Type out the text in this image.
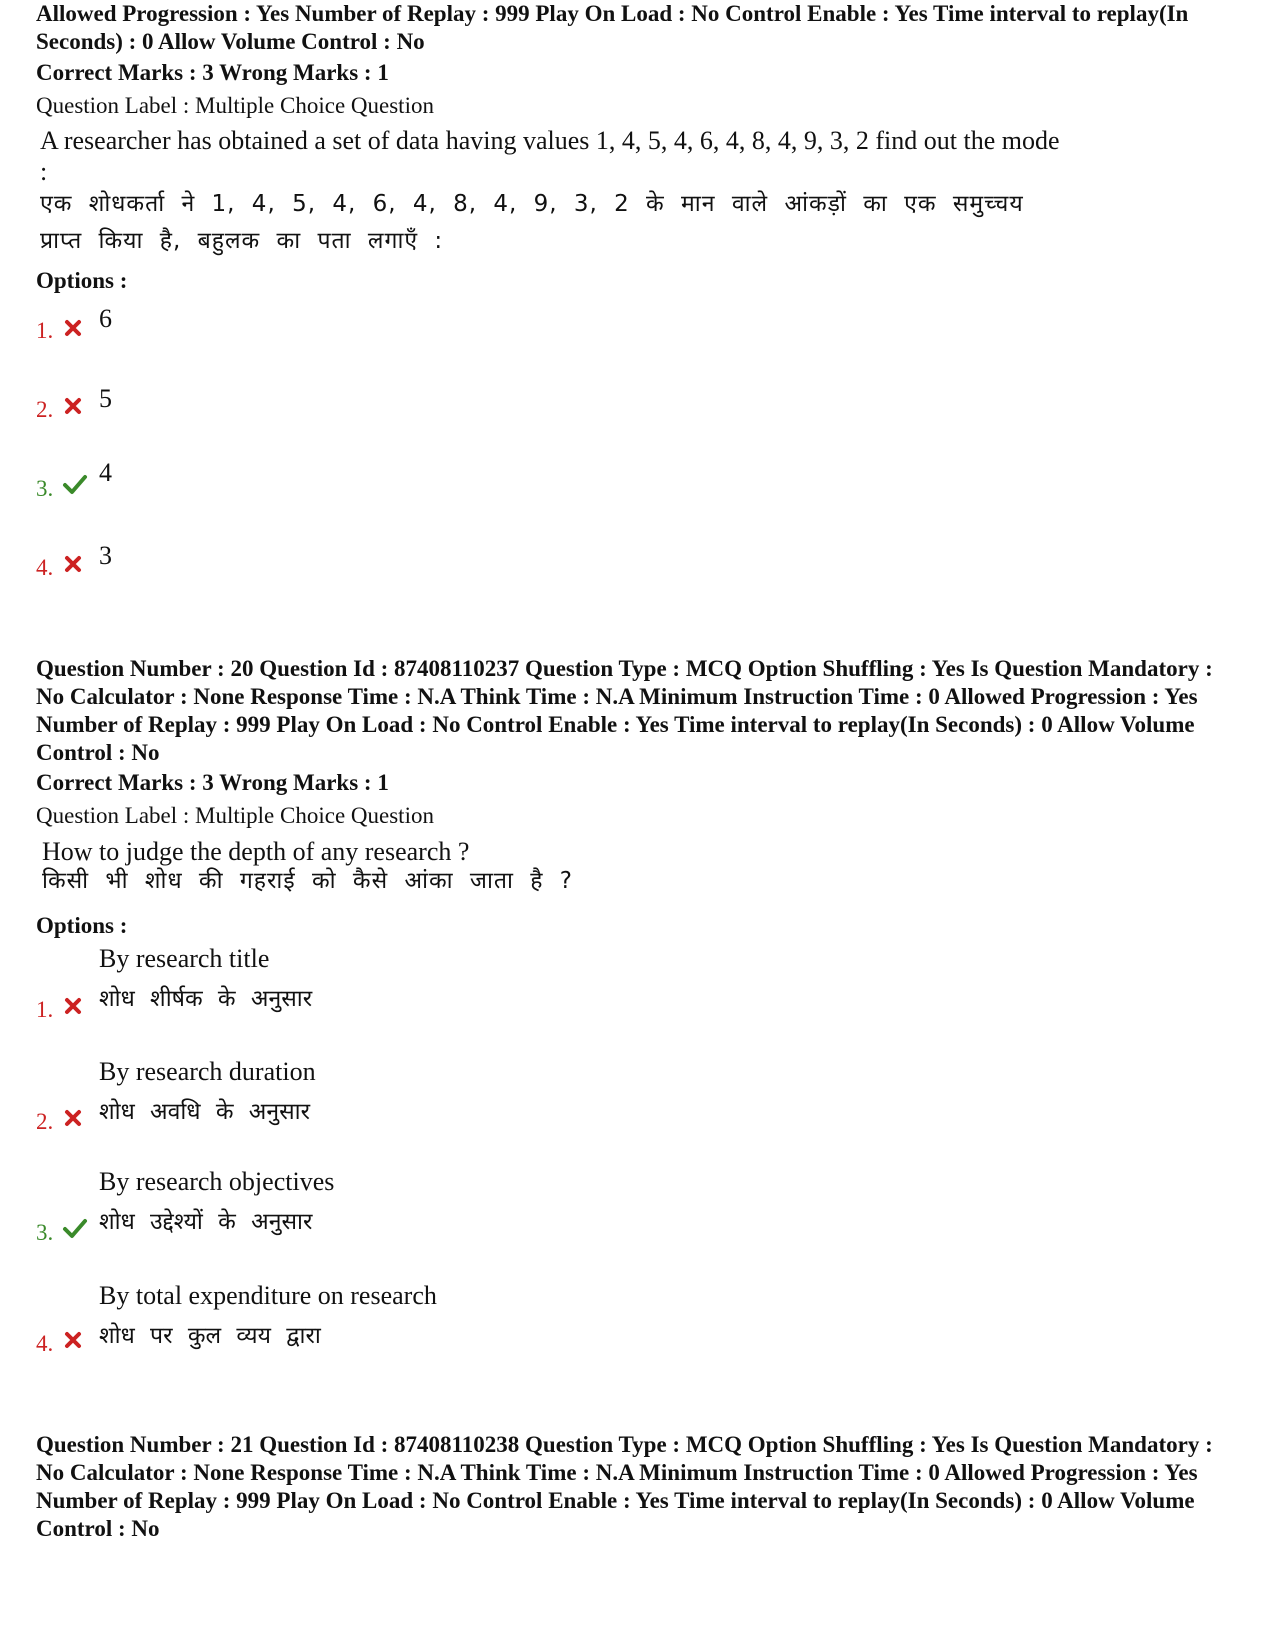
Allowed Progression : Yes Number of Replay : 999 Play On Load : No Control Enable : Yes Time interval to replay(In Seconds) : 0 Allow Volume Control : No
Correct Marks : 3 Wrong Marks : 1
Question Label : Multiple Choice Question
A researcher has obtained a set of data having values 1, 4, 5, 4, 6, 4, 8, 4, 9, 3, 2 find out the mode :
एक शोधकर्ता ने 1, 4, 5, 4, 6, 4, 8, 4, 9, 3, 2 के मान वाले आंकड़ों का एक समुच्चय प्राप्त किया है, बहुलक का पता लगाएँ :
Options :
1. 6
2. 5
3.
4
4. 3
Question Number : 20 Question Id : 87408110237 Question Type : MCQ Option Shuffling : Yes Is Question Mandatory : No Calculator : None Response Time : N.A Think Time : N.A Minimum Instruction Time : 0 Allowed Progression : Yes Number of Replay : 999 Play On Load : No Control Enable : Yes Time interval to replay(In Seconds) : 0 Allow Volume Control : No
Correct Marks : 3 Wrong Marks : 1
Question Label : Multiple Choice Question
How to judge the depth of any research ?
किसी भी शोध की गहराई को कैसे आंका जाता है ?
Options :
By research title
शोध शीर्षक के अनुसार
1.
By research duration
शोध अवधि के अनुसार
2.
By research objectives
शोध उद्देश्यों के अनुसार
3.
By total expenditure on research
शोध पर कुल व्यय द्वारा
4.
Question Number : 21 Question Id : 87408110238 Question Type : MCQ Option Shuffling : Yes Is Question Mandatory : No Calculator : None Response Time : N.A Think Time : N.A Minimum Instruction Time : 0 Allowed Progression : Yes Number of Replay : 999 Play On Load : No Control Enable : Yes Time interval to replay(In Seconds) : 0 Allow Volume Control : No
